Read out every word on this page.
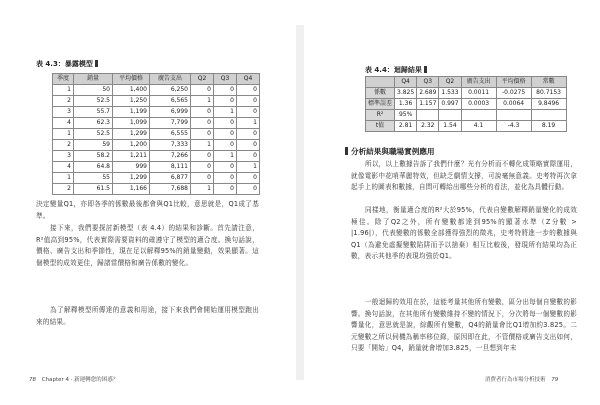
表 4.3：暴露模型
季度	銷量	平均價格	廣告支出	Q2	Q3	Q4
1	50	1,400	6,250	0	0	0
2	52.5	1,250	6,565	1	0	0
3	55.7	1,199	6,999	0	1	0
4	62.3	1,099	7,799	0	0	1
1	52.5	1,299	6,555	0	0	0
2	59	1,200	7,333	1	0	0
3	58.2	1,211	7,266	0	1	0
4	64.8	999	8,111	0	0	1
1	55	1,299	6,877	0	0	0
2	61.5	1,166	7,688	1	0	0
決定變量Q1，亦即各季的係數最後都會與Q1比較，意思就是，Q1成了基準。
接下來，我們要探討新模型（表 4.4）的結果和診斷。首先請注意，R²值高到95%，代表實際需要資料的確遵守了模型的適合度。換句話說，價格、廣告支出和季節性，現在足以解釋95%的銷量變動，效果顯著。這個模型的成效更佳，歸諸當價格和廣告係數的變化。
為了解釋模型所傳達的意義和用途，接下來我們會開始運用模型跑出來的結果。
78 Chapter 4 · 新運轉您的困惑？
表 4.4：迴歸結果
	Q4	Q3	Q2	廣告支出	平均價格	常數
係數	3.825	2.689	1.533	0.0011	-0.0275	80.7153
標準誤差	1.36	1.157	0.997	0.0003	0.0064	9.8496
R²	95%					
t值	2.81	2.32	1.54	4.1	-4.3	8.19
分析結果與職場實例應用
所以，以上數據告訴了我們什麼？光有分析而不轉化成策略實際運用，就像電影中花哨華麗特效，但缺乏劇情支撐，可說毫無意義。史考特再次拿起手上的圖表和數據，自問可轉給出哪些分析的看法，並化為具體行動。
同樣地，衡量適合度的R²大於95%，代表自變數解釋銷量變化的成效極佳。除了Q2之外，所有變數都達到95%的顯著水準（Z分數 > |1.96|），代表變數的係數全部獲得強烈的徵兆，史考特將進一步的數據與Q1（為避免虛擬變數陷阱而予以捨棄）相互比較後，發現所有結果均為正數，表示其他季的表現均強於Q1。
一般迴歸的效用在於，這能考量其他所有變數，區分出每個自變數的影響。換句話說，在其他所有變數維持不變的情況下，分次將每一個變數的影響量化，意思就是說，綜觀所有變數，Q4的銷量會比Q1增加約3.825。二元變數之所以伺機為稱率移位錄，原因即在此，不管價格或廣告支出如何，只要「開始」Q4，銷量就會增加3.825，一旦想到年末
消費者行為市場分析技術 79
